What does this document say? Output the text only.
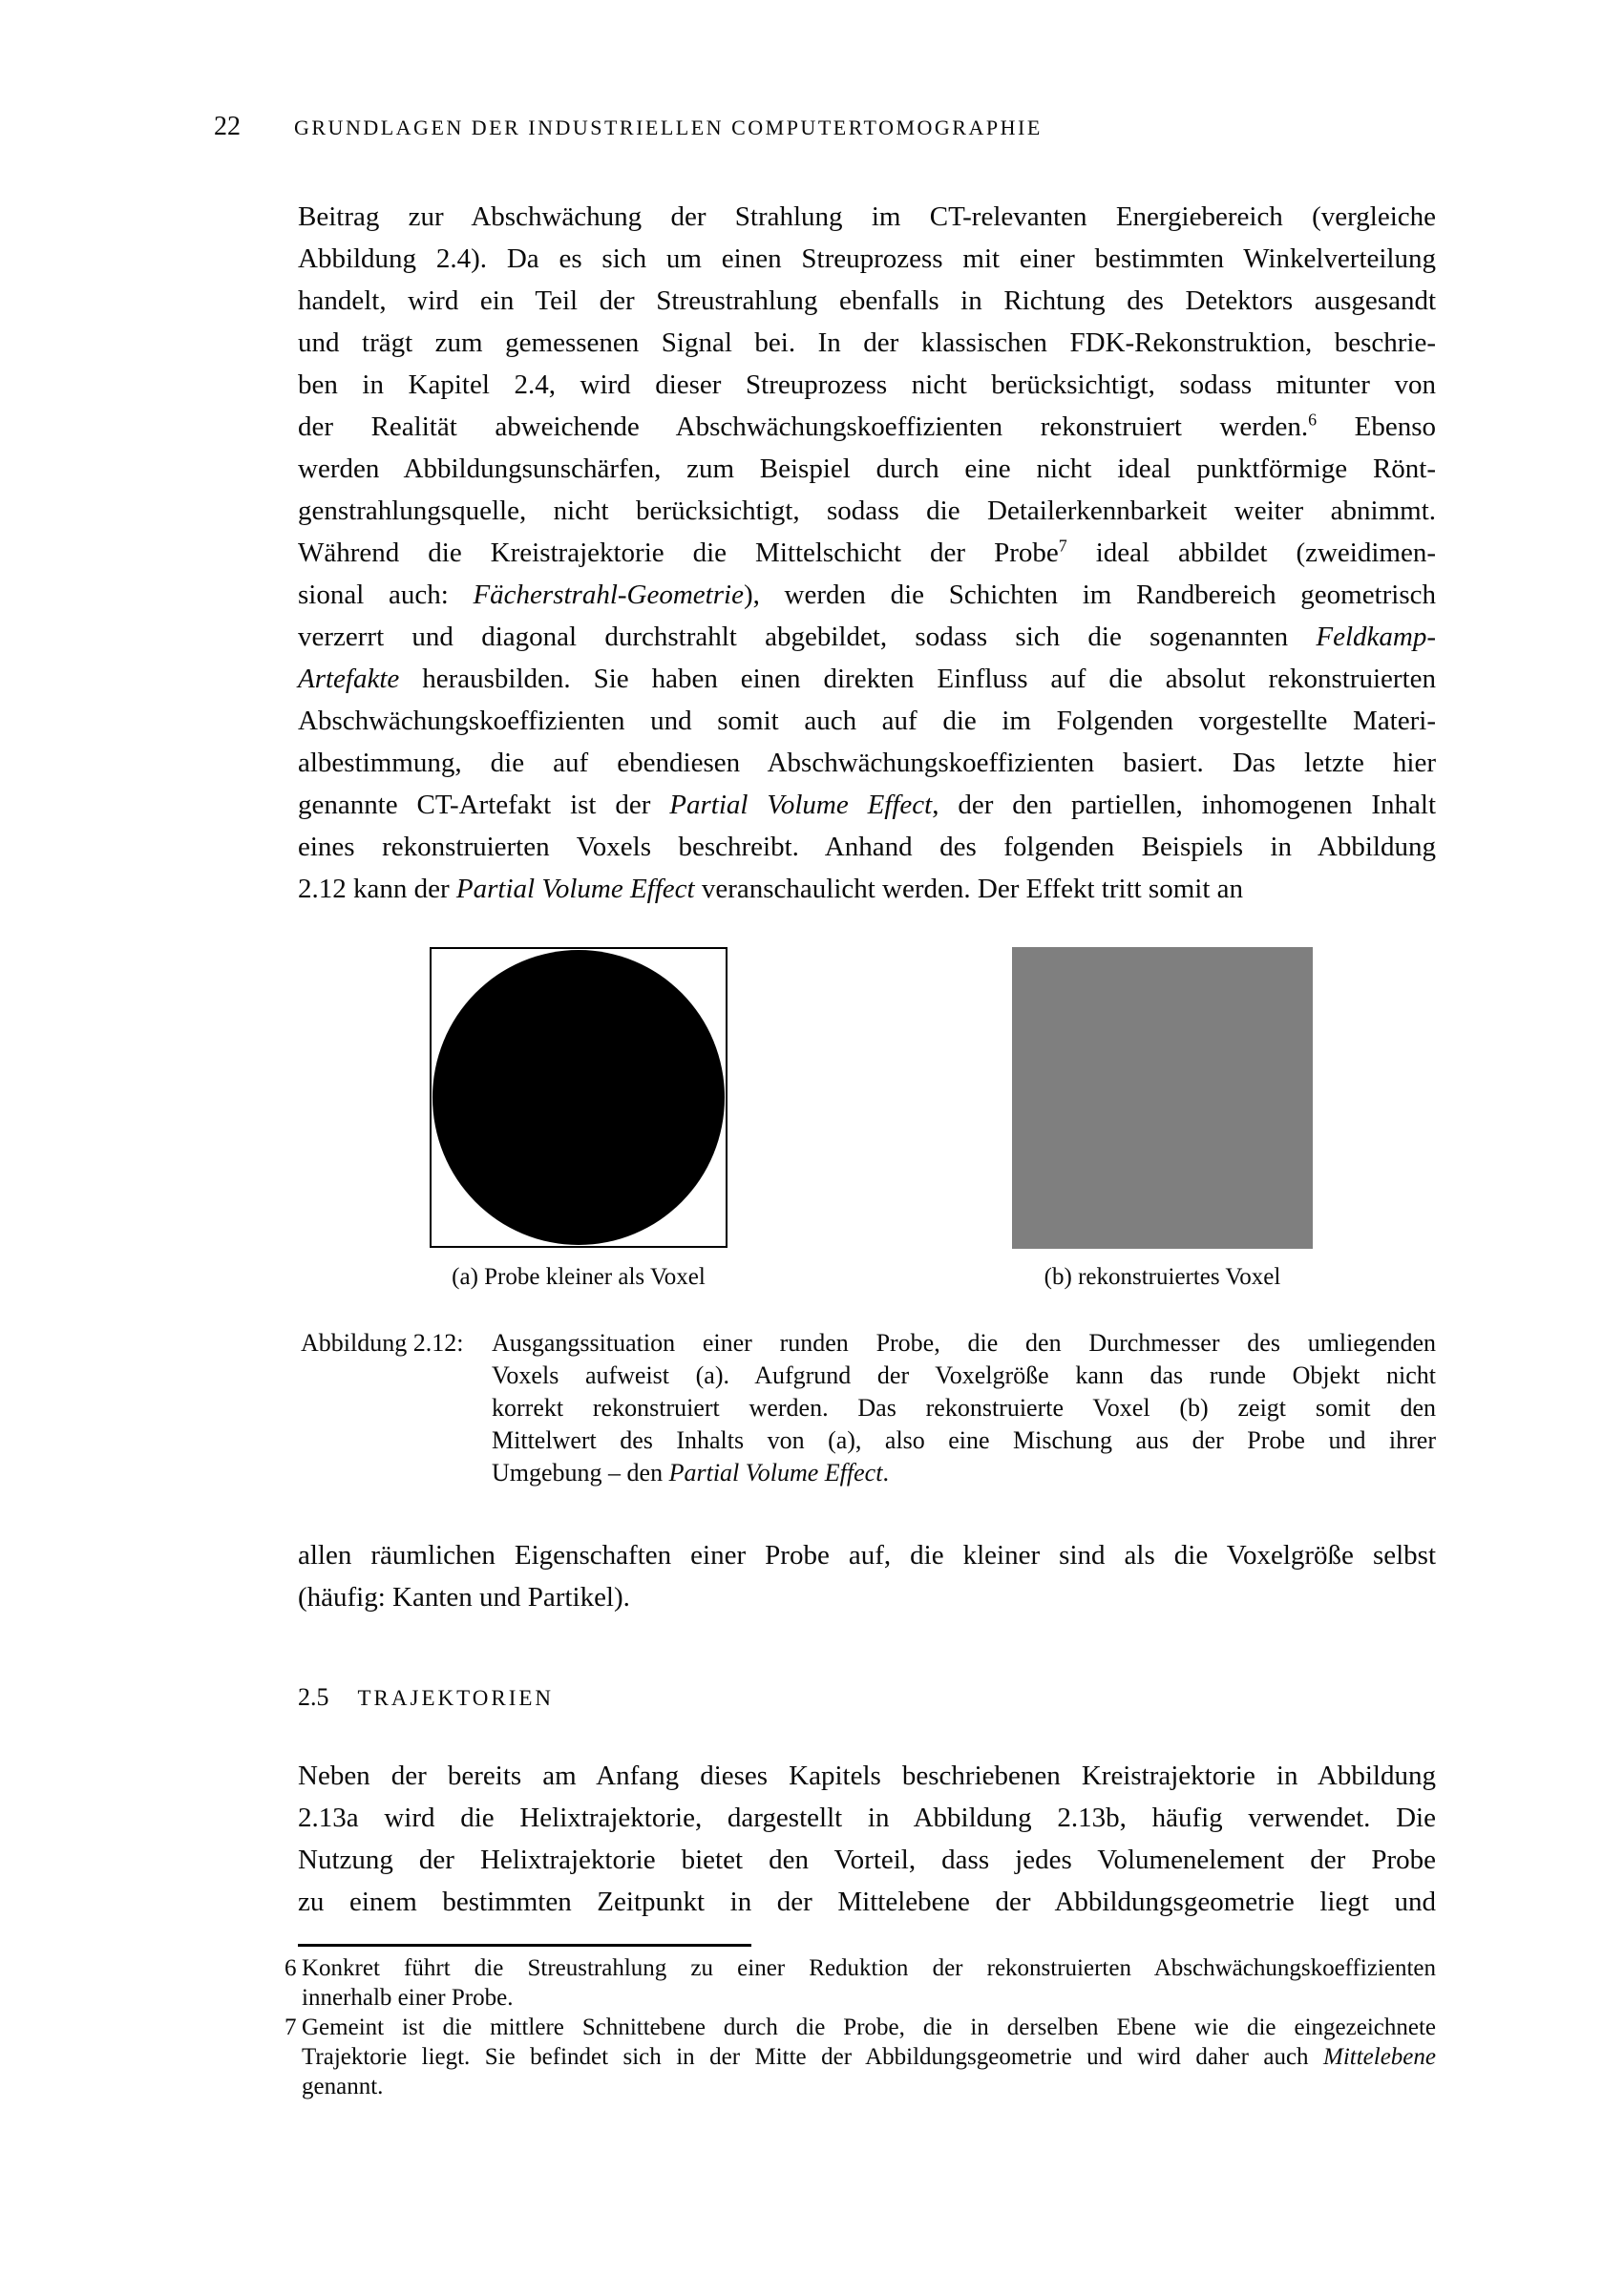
22	GRUNDLAGEN DER INDUSTRIELLEN COMPUTERTOMOGRAPHIE
Beitrag zur Abschwächung der Strahlung im CT-relevanten Energiebereich (vergleiche
Abbildung 2.4). Da es sich um einen Streuprozess mit einer bestimmten Winkelverteilung
handelt, wird ein Teil der Streustrahlung ebenfalls in Richtung des Detektors ausgesandt
und trägt zum gemessenen Signal bei. In der klassischen FDK-Rekonstruktion, beschrie-
ben in Kapitel 2.4, wird dieser Streuprozess nicht berücksichtigt, sodass mitunter von
der Realität abweichende Abschwächungskoeffizienten rekonstruiert werden.$^6$ Ebenso
werden Abbildungsunschärfen, zum Beispiel durch eine nicht ideal punktförmige Rönt-
genstrahlungsquelle, nicht berücksichtigt, sodass die Detailerkennbarkeit weiter abnimmt.
Während die Kreistrajektorie die Mittelschicht der Probe$^7$ ideal abbildet (zweidimen-
sional auch: Fächerstrahl-Geometrie), werden die Schichten im Randbereich geometrisch
verzerrt und diagonal durchstrahlt abgebildet, sodass sich die sogenannten Feldkamp-
Artefakte herausbilden. Sie haben einen direkten Einfluss auf die absolut rekonstruierten
Abschwächungskoeffizienten und somit auch auf die im Folgenden vorgestellte Materi-
albestimmung, die auf ebendiesen Abschwächungskoeffizienten basiert. Das letzte hier
genannte CT-Artefakt ist der Partial Volume Effect, der den partiellen, inhomogenen Inhalt
eines rekonstruierten Voxels beschreibt. Anhand des folgenden Beispiels in Abbildung
2.12 kann der Partial Volume Effect veranschaulicht werden. Der Effekt tritt somit an
(a) Probe kleiner als Voxel	(b) rekonstruiertes Voxel
Abbildung 2.12: Ausgangssituation einer runden Probe, die den Durchmesser des umliegenden
Voxels aufweist (a). Aufgrund der Voxelgröße kann das runde Objekt nicht
korrekt rekonstruiert werden. Das rekonstruierte Voxel (b) zeigt somit den
Mittelwert des Inhalts von (a), also eine Mischung aus der Probe und ihrer
Umgebung – den Partial Volume Effect.
allen räumlichen Eigenschaften einer Probe auf, die kleiner sind als die Voxelgröße selbst
(häufig: Kanten und Partikel).
2.5 TRAJEKTORIEN
Neben der bereits am Anfang dieses Kapitels beschriebenen Kreistrajektorie in Abbildung
2.13a wird die Helixtrajektorie, dargestellt in Abbildung 2.13b, häufig verwendet. Die
Nutzung der Helixtrajektorie bietet den Vorteil, dass jedes Volumenelement der Probe
zu einem bestimmten Zeitpunkt in der Mittelebene der Abbildungsgeometrie liegt und
6 Konkret führt die Streustrahlung zu einer Reduktion der rekonstruierten Abschwächungskoeffizienten
innerhalb einer Probe.
7 Gemeint ist die mittlere Schnittebene durch die Probe, die in derselben Ebene wie die eingezeichnete
Trajektorie liegt. Sie befindet sich in der Mitte der Abbildungsgeometrie und wird daher auch Mittelebene
genannt.
